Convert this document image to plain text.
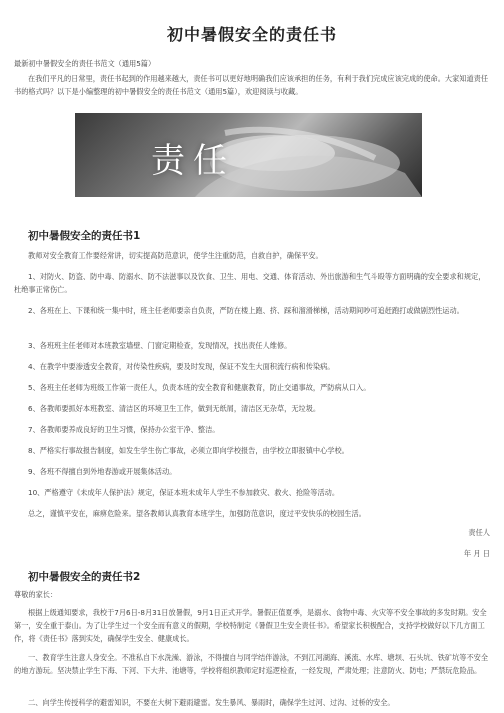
初中暑假安全的责任书
最新初中暑假安全的责任书范文（通用5篇）
在我们平凡的日常里，责任书起到的作用越来越大，责任书可以更好地明确我们应该承担的任务，有利于我们完成应该完成的使命。大家知道责任书的格式吗？以下是小编整理的初中暑假安全的责任书范文（通用5篇），欢迎阅读与收藏。
责任
初中暑假安全的责任书1
教师对安全教育工作要经常讲，切实提高防范意识，使学生注重防范，自救自护，确保平安。
1、对防火、防盗、防中毒、防溺水、防不法滋事以及饮食、卫生、用电、交通、体育活动、外出旅游和生气斗殴等方面明确的安全要求和规定，杜绝事正常伤亡。
2、各班在上、下课和统一集中时，班主任老师要亲自负责，严防在楼上跑、挤、踩和溜滑梯梯，活动期间吵可追赶跑打或做剧烈性运动。
3、各班班主任老师对本班教室墙壁、门窗定期检查，发现情况，找出责任人维修。
4、在教学中要渗透安全教育，对传染性疾病，要及时发现，保证不发生大面积流行病和传染病。
5、各班主任老师为班级工作第一责任人，负责本班的安全教育和健康教育，防止交通事故，严防病从口入。
6、各教师要抓好本班教室、清洁区的环境卫生工作，做到无纸屑，清洁区无杂草，无垃圾。
7、各教师要养成良好的卫生习惯，保持办公室干净、整洁。
8、严格实行事故报告制度，如发生学生伤亡事故，必须立即向学校报告，由学校立即报镇中心学校。
9、各班不得擅自到外地春游或开展集体活动。
10、严格遵守《未成年人保护法》规定，保证本班未成年人学生不参加救灾、救火、抢险等活动。
总之，谨慎平安在，麻痹危险来。望各教师认真教育本班学生，加强防范意识，度过平安快乐的校园生活。
责任人
年 月 日
初中暑假安全的责任书2
尊敬的家长：
根据上级通知要求，我校于7月6日-8月31日放暑假，9月1日正式开学。暑假正值夏季，是溺水、食物中毒、火灾等不安全事故的多发时期。安全第一，安全重于泰山。为了让学生过一个安全而有意义的假期，学校特制定《暑假卫生安全责任书》。希望家长积极配合，支持学校做好以下几方面工作，将《责任书》落到实处，确保学生安全、健康成长。
一、教育学生注意人身安全。不准私自下水洗澡、游泳，不得擅自与同学结伴游泳，不到江河湖海、溪流、水库、塘坝、石头坑、铁矿坑等不安全的地方游玩。坚决禁止学生下海、下河、下大井、池塘等，学校将组织教师定时巡逻检查，一经发现，严肃处理；注意防火、防电；严禁玩危险品。
二、向学生传授科学的避雷知识，不要在大树下避雨避雷。发生暴风、暴雨时，确保学生过河、过沟、过桥的安全。
